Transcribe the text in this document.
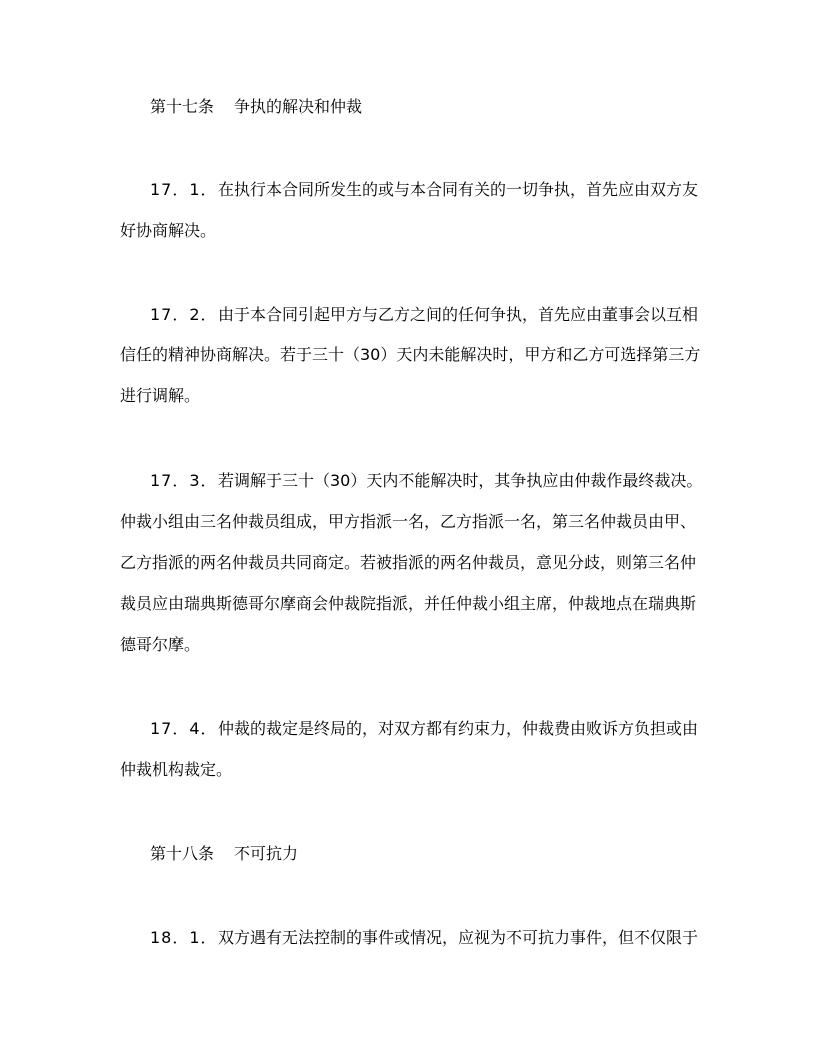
第十七条 争执的解决和仲裁
17．1．在执行本合同所发生的或与本合同有关的一切争执，首先应由双方友
好协商解决。
17．2．由于本合同引起甲方与乙方之间的任何争执，首先应由董事会以互相
信任的精神协商解决。若于三十（30）天内未能解决时，甲方和乙方可选择第三方
进行调解。
17．3．若调解于三十（30）天内不能解决时，其争执应由仲裁作最终裁决。
仲裁小组由三名仲裁员组成，甲方指派一名，乙方指派一名，第三名仲裁员由甲、
乙方指派的两名仲裁员共同商定。若被指派的两名仲裁员，意见分歧，则第三名仲
裁员应由瑞典斯德哥尔摩商会仲裁院指派，并任仲裁小组主席，仲裁地点在瑞典斯
德哥尔摩。
17．4．仲裁的裁定是终局的，对双方都有约束力，仲裁费由败诉方负担或由
仲裁机构裁定。
第十八条 不可抗力
18．1．双方遇有无法控制的事件或情况，应视为不可抗力事件，但不仅限于
